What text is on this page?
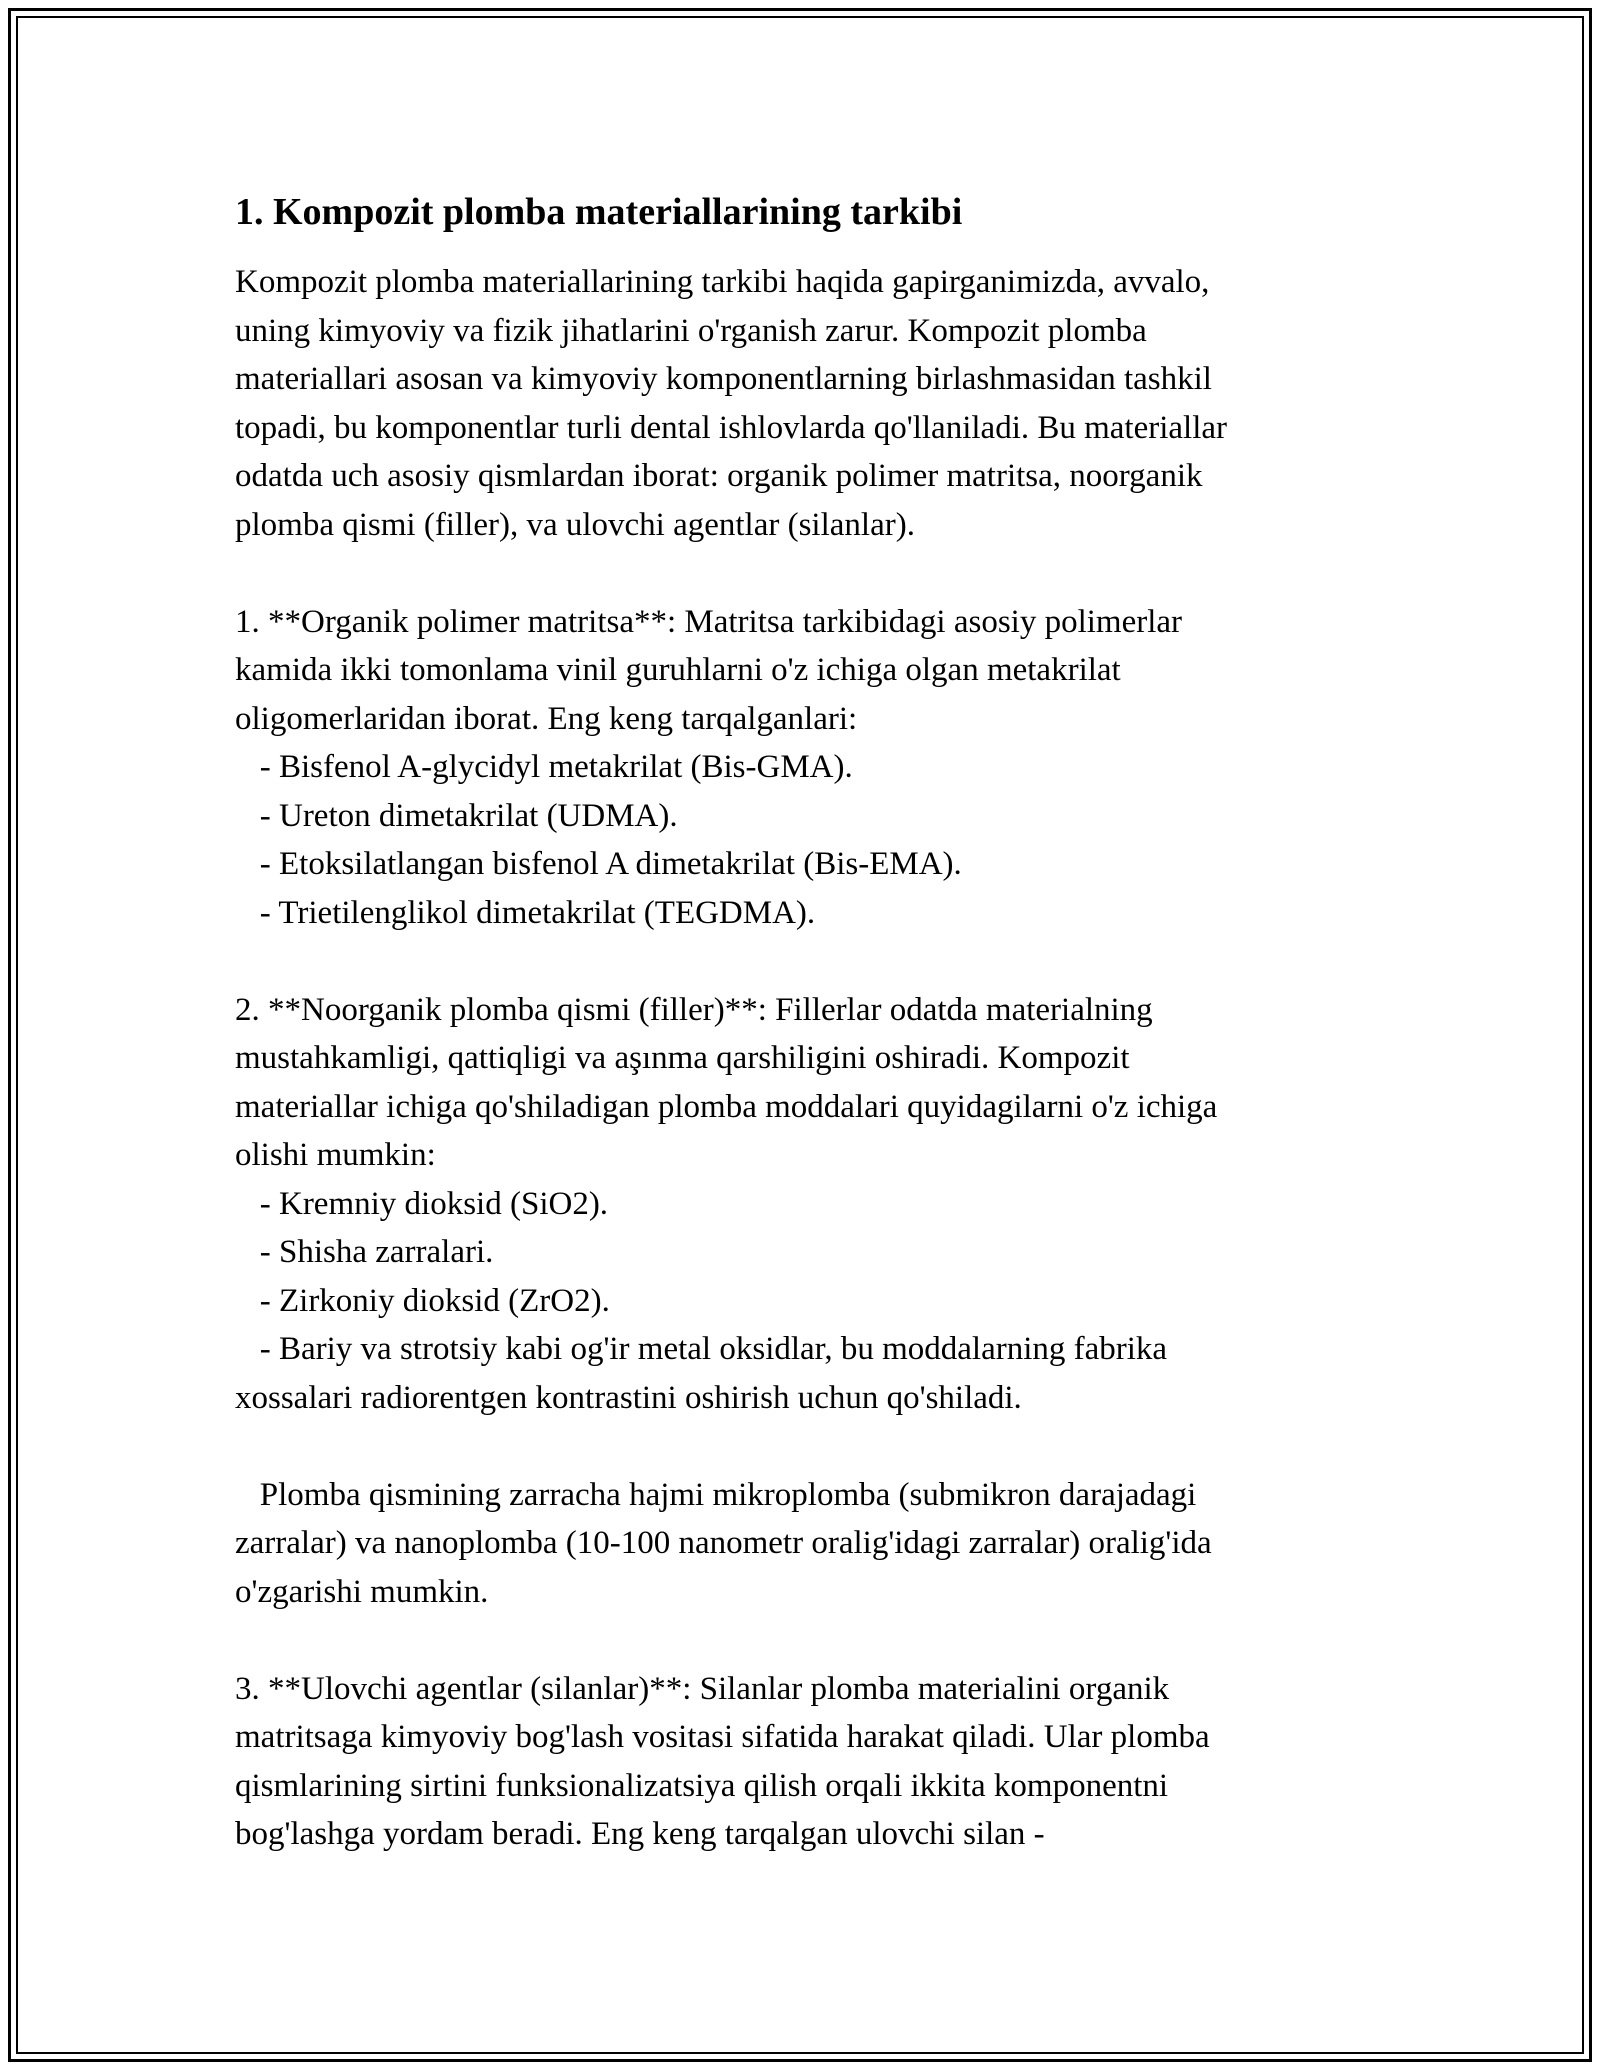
1. Kompozit plomba materiallarining tarkibi

Kompozit plomba materiallarining tarkibi haqida gapirganimizda, avvalo,

uning kimyoviy va fizik jihatlarini o'rganish zarur. Kompozit plomba

materiallari asosan va kimyoviy komponentlarning birlashmasidan tashkil

topadi, bu komponentlar turli dental ishlovlarda qo'llaniladi. Bu materiallar

odatda uch asosiy qismlardan iborat: organik polimer matritsa, noorganik

plomba qismi (filler), va ulovchi agentlar (silanlar).

1. **Organik polimer matritsa**: Matritsa tarkibidagi asosiy polimerlar

kamida ikki tomonlama vinil guruhlarni o'z ichiga olgan metakrilat

oligomerlaridan iborat. Eng keng tarqalganlari:

- Bisfenol A-glycidyl metakrilat (Bis-GMA).

- Ureton dimetakrilat (UDMA).

- Etoksilatlangan bisfenol A dimetakrilat (Bis-EMA).

- Trietilenglikol dimetakrilat (TEGDMA).

2. **Noorganik plomba qismi (filler)**: Fillerlar odatda materialning

mustahkamligi, qattiqligi va aşınma qarshiligini oshiradi. Kompozit

materiallar ichiga qo'shiladigan plomba moddalari quyidagilarni o'z ichiga

olishi mumkin:

- Kremniy dioksid (SiO2).

- Shisha zarralari.

- Zirkoniy dioksid (ZrO2).

- Bariy va strotsiy kabi og'ir metal oksidlar, bu moddalarning fabrika

xossalari radiorentgen kontrastini oshirish uchun qo'shiladi.

Plomba qismining zarracha hajmi mikroplomba (submikron darajadagi

zarralar) va nanoplomba (10-100 nanometr oralig'idagi zarralar) oralig'ida

o'zgarishi mumkin.

3. **Ulovchi agentlar (silanlar)**: Silanlar plomba materialini organik

matritsaga kimyoviy bog'lash vositasi sifatida harakat qiladi. Ular plomba

qismlarining sirtini funksionalizatsiya qilish orqali ikkita komponentni

bog'lashga yordam beradi. Eng keng tarqalgan ulovchi silan -
